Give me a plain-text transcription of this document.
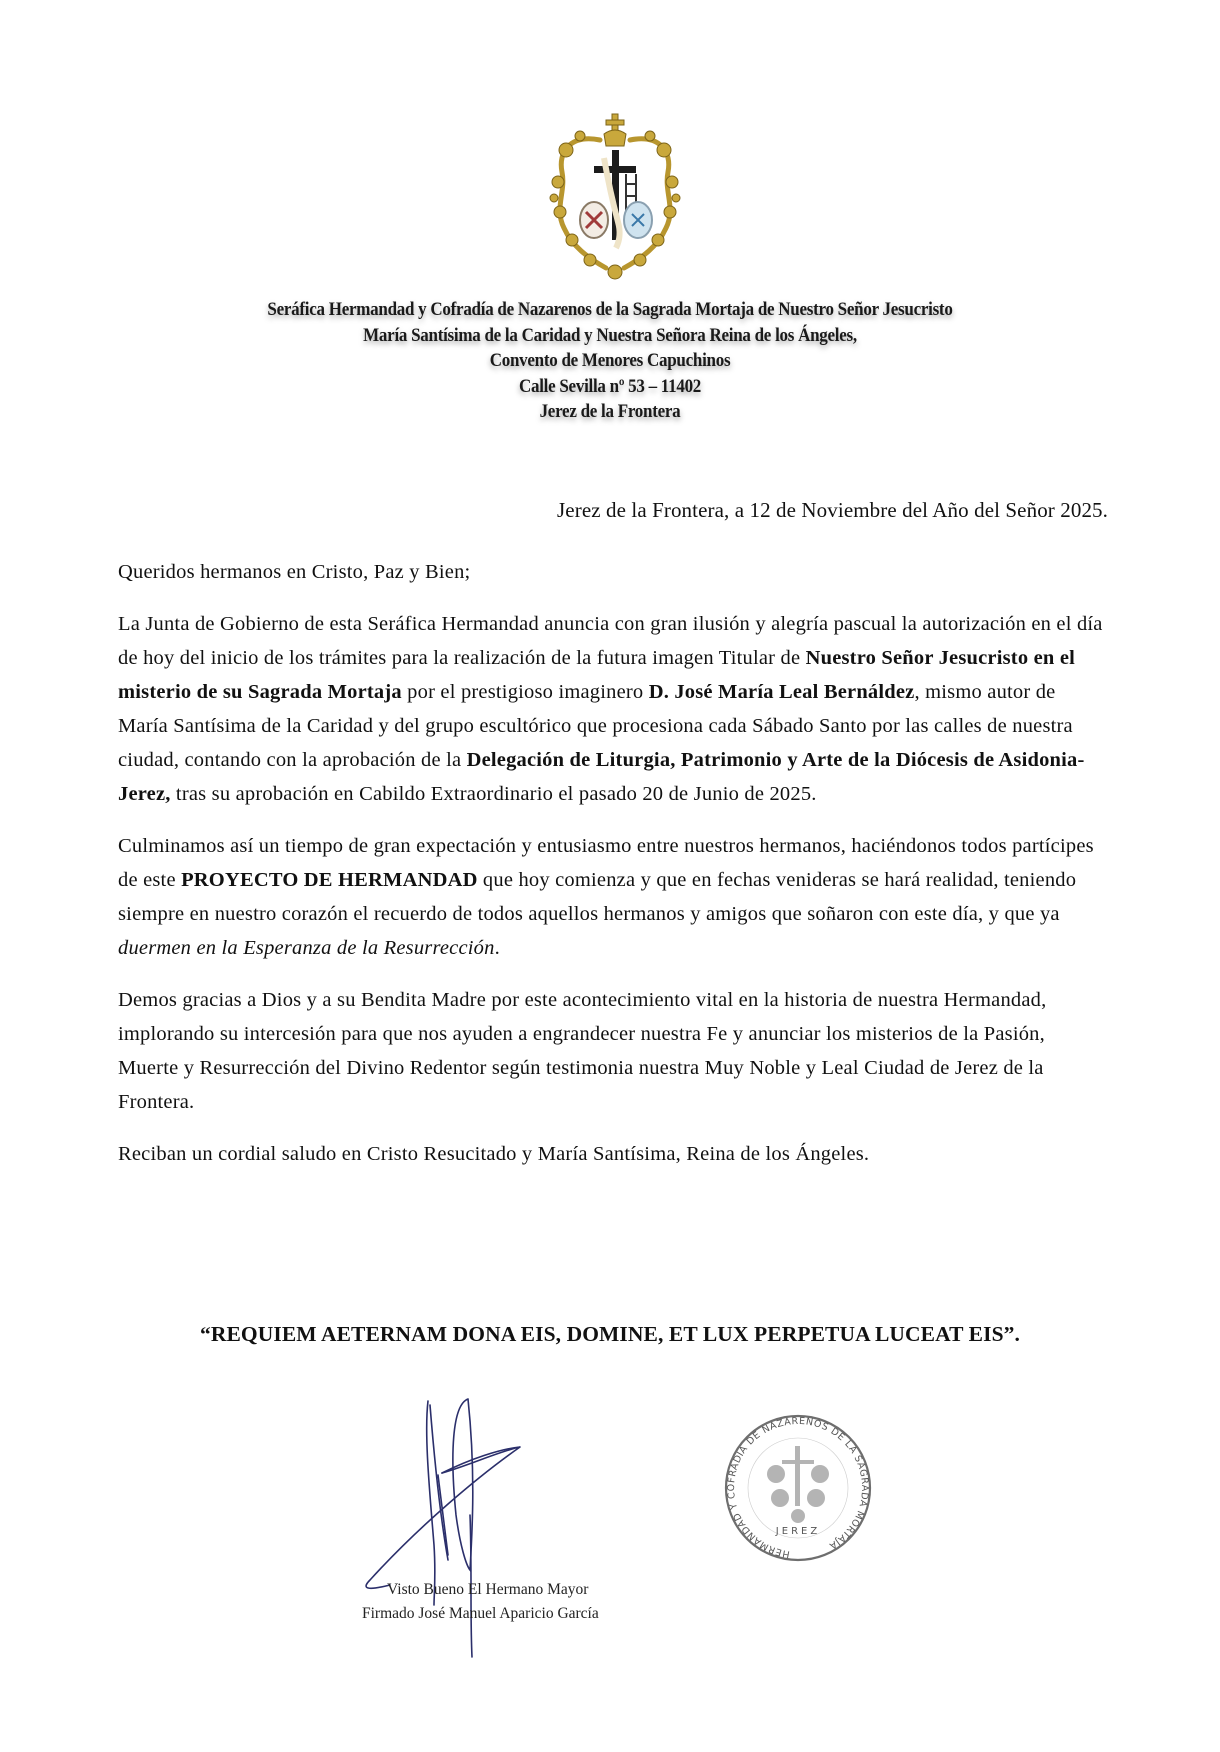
Seráfica Hermandad y Cofradía de Nazarenos de la Sagrada Mortaja de Nuestro Señor Jesucristo
María Santísima de la Caridad y Nuestra Señora Reina de los Ángeles,
Convento de Menores Capuchinos
Calle Sevilla nº 53 – 11402
Jerez de la Frontera
Jerez de la Frontera, a 12 de Noviembre del Año del Señor 2025.

Queridos hermanos en Cristo, Paz y Bien;

La Junta de Gobierno de esta Seráfica Hermandad anuncia con gran ilusión y alegría pascual la autorización en el día de hoy del inicio de los trámites para la realización de la futura imagen Titular de Nuestro Señor Jesucristo en el misterio de su Sagrada Mortaja por el prestigioso imaginero D. José María Leal Bernáldez, mismo autor de María Santísima de la Caridad y del grupo escultórico que procesiona cada Sábado Santo por las calles de nuestra ciudad, contando con la aprobación de la Delegación de Liturgia, Patrimonio y Arte de la Diócesis de Asidonia-Jerez, tras su aprobación en Cabildo Extraordinario el pasado 20 de Junio de 2025.

Culminamos así un tiempo de gran expectación y entusiasmo entre nuestros hermanos, haciéndonos todos partícipes de este PROYECTO DE HERMANDAD que hoy comienza y que en fechas venideras se hará realidad, teniendo siempre en nuestro corazón el recuerdo de todos aquellos hermanos y amigos que soñaron con este día, y que ya duermen en la Esperanza de la Resurrección.

Demos gracias a Dios y a su Bendita Madre por este acontecimiento vital en la historia de nuestra Hermandad, implorando su intercesión para que nos ayuden a engrandecer nuestra Fe y anunciar los misterios de la Pasión, Muerte y Resurrección del Divino Redentor según testimonia nuestra Muy Noble y Leal Ciudad de Jerez de la Frontera.

Reciban un cordial saludo en Cristo Resucitado y María Santísima, Reina de los Ángeles.

“REQUIEM AETERNAM DONA EIS, DOMINE, ET LUX PERPETUA LUCEAT EIS”.
Visto Bueno El Hermano Mayor
Firmado José Manuel Aparicio García
JEREZ
HERMANDAD Y COFRADIA DE NAZARENOS DE LA SAGRADA MORTAJA
